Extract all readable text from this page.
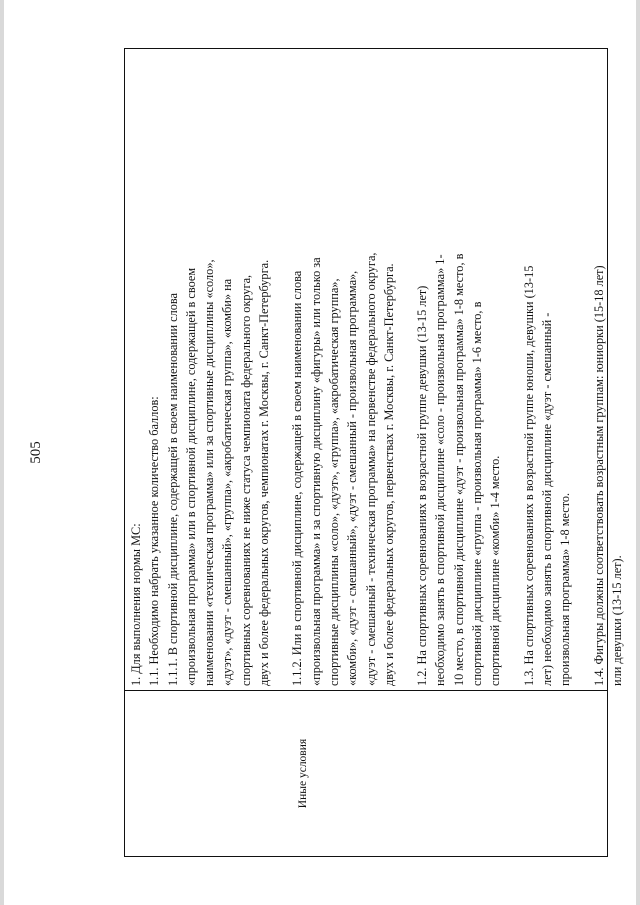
505
Иные условия
1. Для выполнения нормы МС: 1.1. Необходимо набрать указанное количество баллов: 1.1.1. В спортивной дисциплине, содержащей в своем наименовании слова «произвольная программа» или в спортивной дисциплине, содержащей в своем наименовании «техническая программа» или за спортивные дисциплины «соло», «дуэт», «дуэт - смешанный», «группа», «акробатическая группа», «комби» на спортивных соревнованиях не ниже статуса чемпионата федерального округа, двух и более федеральных округов, чемпионатах г. Москвы, г. Санкт-Петербурга. 1.1.2. Или в спортивной дисциплине, содержащей в своем наименовании слова «произвольная программа» и за спортивную дисциплину «фигуры» или только за спортивные дисциплины «соло», «дуэт», «группа», «акробатическая группа», «комби», «дуэт - смешанный», «дуэт - смешанный - произвольная программа», «дуэт - смешанный - техническая программа» на первенстве федерального округа, двух и более федеральных округов, первенствах г. Москвы, г. Санкт-Петербурга. 1.2. На спортивных соревнованиях в возрастной группе девушки (13-15 лет) необходимо занять в спортивной дисциплине «соло - произвольная программа» 1- 10 место, в спортивной дисциплине «дуэт - произвольная программа» 1-8 место, в спортивной дисциплине «группа - произвольная программа» 1-6 место, в спортивной дисциплине «комби» 1-4 место. 1.3. На спортивных соревнованиях в возрастной группе юноши, девушки (13-15 лет) необходимо занять в спортивной дисциплине «дуэт - смешанный - произвольная программа» 1-8 место. 1.4. Фигуры должны соответствовать возрастным группам: юниорки (15-18 лет) или девушки (13-15 лет).
